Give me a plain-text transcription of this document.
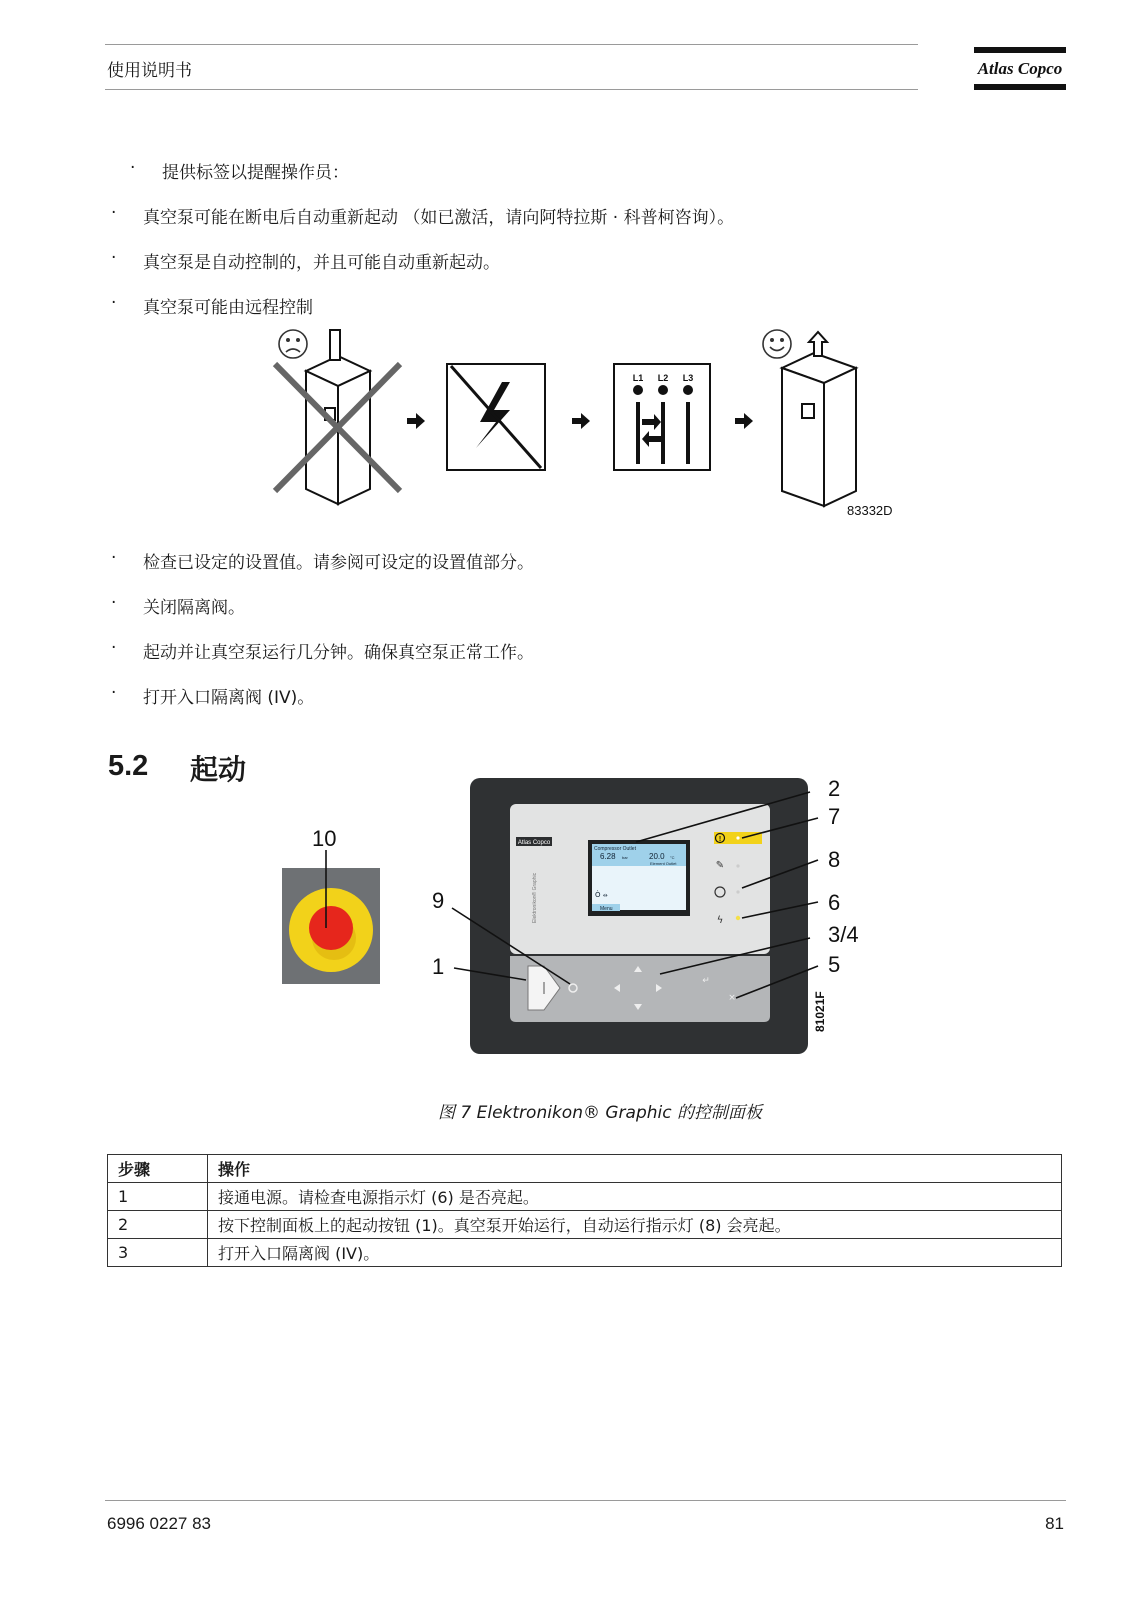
使用说明书	Atlas Copco
· 提供标签以提醒操作员：
· 真空泵可能在断电后自动重新起动 （如已激活，请向阿特拉斯 · 科普柯咨询）。
· 真空泵是自动控制的，并且可能自动重新起动。
· 真空泵可能由远程控制
L1 L2 L3
83332D
· 检查已设定的设置值。请参阅可设定的设置值部分。
· 关闭隔离阀。
· 起动并让真空泵运行几分钟。确保真空泵正常工作。
· 打开入口隔离阀 (IV)。
5.2 起动
Atlas Copco
Elektronikon® Graphic
Compressor Outlet
6.28 bar	20.0 °C
Element Outlet
Ò ⦵
Menu
!
✎
ϟ
↵
×
10
9
1
2
7
8
6
3/4
5
81021F
图 7 Elektronikon® Graphic 的控制面板
步骤	操作
1	接通电源。请检查电源指示灯 (6) 是否亮起。
2	按下控制面板上的起动按钮 (1)。真空泵开始运行，自动运行指示灯 (8) 会亮起。
3	打开入口隔离阀 (IV)。
6996 0227 83	81
